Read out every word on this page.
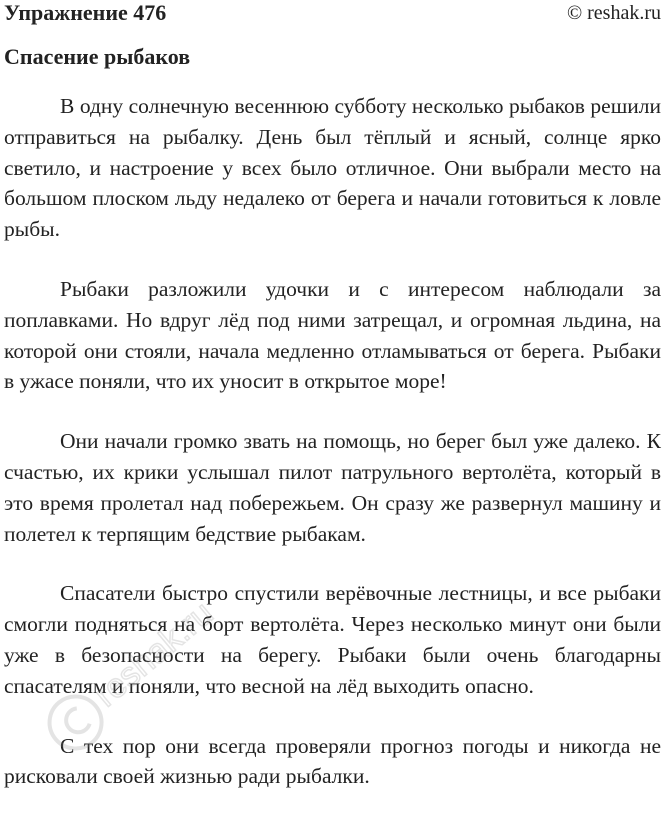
Упражнение 476	© reshak.ru
Спасение рыбаков

В одну солнечную весеннюю субботу несколько рыбаков решили отправиться на рыбалку. День был тёплый и ясный, солнце ярко светило, и настроение у всех было отличное. Они выбрали место на большом плоском льду недалеко от берега и начали готовиться к ловле рыбы.

Рыбаки разложили удочки и с интересом наблюдали за поплавками. Но вдруг лёд под ними затрещал, и огромная льдина, на которой они стояли, начала медленно отламываться от берега. Рыбаки в ужасе поняли, что их уносит в открытое море!

Они начали громко звать на помощь, но берег был уже далеко. К счастью, их крики услышал пилот патрульного вертолёта, который в это время пролетал над побережьем. Он сразу же развернул машину и полетел к терпящим бедствие рыбакам.

Спасатели быстро спустили верёвочные лестницы, и все рыбаки смогли подняться на борт вертолёта. Через несколько минут они были уже в безопасности на берегу. Рыбаки были очень благодарны спасателям и поняли, что весной на лёд выходить опасно.

С тех пор они всегда проверяли прогноз погоды и никогда не рисковали своей жизнью ради рыбалки.

reshak.ru
